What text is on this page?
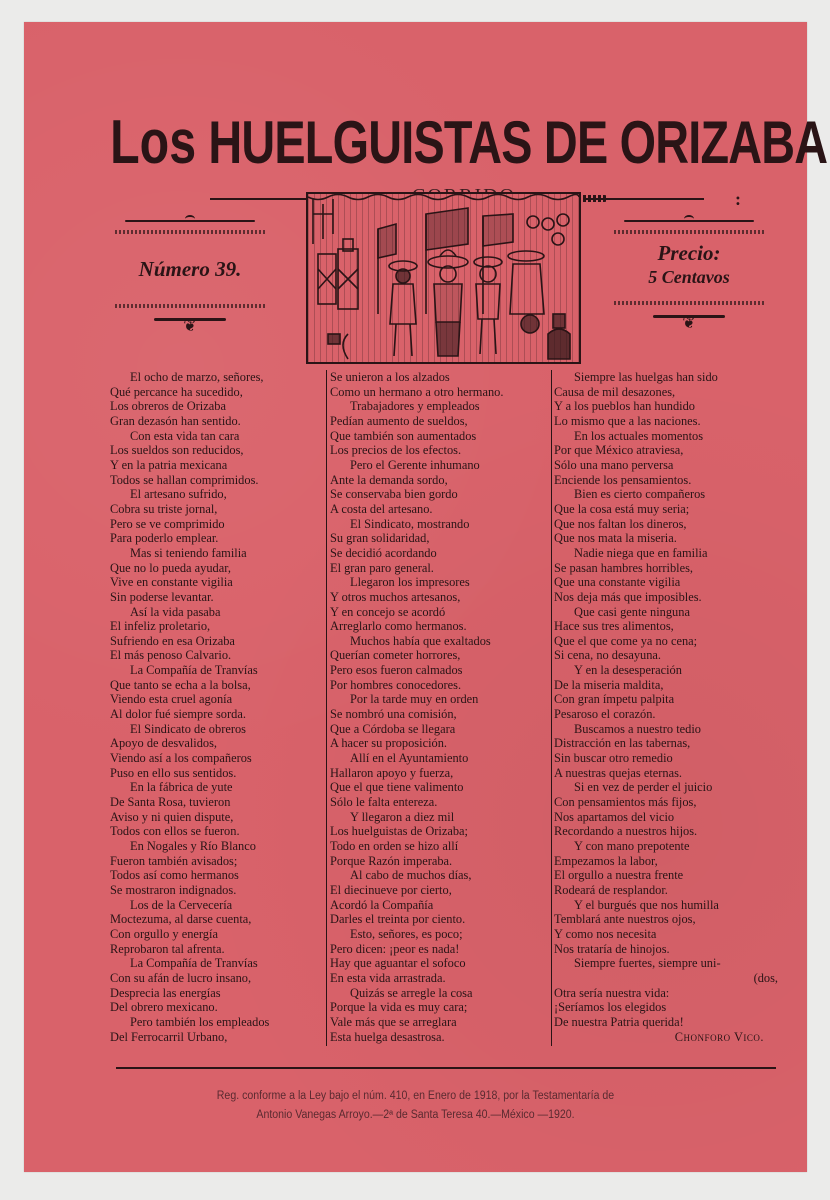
Los HUELGUISTAS DE ORIZABA
:
Número 39.
❦
Precio:
5 Centavos
❦
El ocho de marzo, señores,
Qué percance ha sucedido,
Los obreros de Orizaba
Gran dezasón han sentido.
Con esta vida tan cara
Los sueldos son reducidos,
Y en la patria mexicana
Todos se hallan comprimidos.
El artesano sufrido,
Cobra su triste jornal,
Pero se ve comprimido
Para poderlo emplear.
Mas si teniendo familia
Que no lo pueda ayudar,
Vive en constante vigilia
Sin poderse levantar.
Así la vida pasaba
El infeliz proletario,
Sufriendo en esa Orizaba
El más penoso Calvario.
La Compañía de Tranvías
Que tanto se echa a la bolsa,
Viendo esta cruel agonía
Al dolor fué siempre sorda.
El Sindicato de obreros
Apoyo de desvalidos,
Viendo así a los compañeros
Puso en ello sus sentidos.
En la fábrica de yute
De Santa Rosa, tuvieron
Aviso y ni quien dispute,
Todos con ellos se fueron.
En Nogales y Río Blanco
Fueron también avisados;
Todos así como hermanos
Se mostraron indignados.
Los de la Cervecería
Moctezuma, al darse cuenta,
Con orgullo y energía
Reprobaron tal afrenta.
La Compañía de Tranvías
Con su afán de lucro insano,
Desprecia las energías
Del obrero mexicano.
Pero también los empleados
Del Ferrocarril Urbano,
Se unieron a los alzados
Como un hermano a otro hermano.
Trabajadores y empleados
Pedían aumento de sueldos,
Que también son aumentados
Los precios de los efectos.
Pero el Gerente inhumano
Ante la demanda sordo,
Se conservaba bien gordo
A costa del artesano.
El Sindicato, mostrando
Su gran solidaridad,
Se decidió acordando
El gran paro general.
Llegaron los impresores
Y otros muchos artesanos,
Y en concejo se acordó
Arreglarlo como hermanos.
Muchos había que exaltados
Querían cometer horrores,
Pero esos fueron calmados
Por hombres conocedores.
Por la tarde muy en orden
Se nombró una comisión,
Que a Córdoba se llegara
A hacer su proposición.
Allí en el Ayuntamiento
Hallaron apoyo y fuerza,
Que el que tiene valimento
Sólo le falta entereza.
Y llegaron a diez mil
Los huelguistas de Orizaba;
Todo en orden se hizo allí
Porque Razón imperaba.
Al cabo de muchos días,
El diecinueve por cierto,
Acordó la Compañía
Darles el treinta por ciento.
Esto, señores, es poco;
Pero dicen: ¡peor es nada!
Hay que aguantar el sofoco
En esta vida arrastrada.
Quizás se arregle la cosa
Porque la vida es muy cara;
Vale más que se arreglara
Esta huelga desastrosa.
Siempre las huelgas han sido
Causa de mil desazones,
Y a los pueblos han hundido
Lo mismo que a las naciones.
En los actuales momentos
Por que México atraviesa,
Sólo una mano perversa
Enciende los pensamientos.
Bien es cierto compañeros
Que la cosa está muy seria;
Que nos faltan los dineros,
Que nos mata la miseria.
Nadie niega que en familia
Se pasan hambres horribles,
Que una constante vigilia
Nos deja más que imposibles.
Que casi gente ninguna
Hace sus tres alimentos,
Que el que come ya no cena;
Si cena, no desayuna.
Y en la desesperación
De la miseria maldita,
Con gran ímpetu palpita
Pesaroso el corazón.
Buscamos a nuestro tedio
Distracción en las tabernas,
Sin buscar otro remedio
A nuestras quejas eternas.
Si en vez de perder el juicio
Con pensamientos más fijos,
Nos apartamos del vicio
Recordando a nuestros hijos.
Y con mano prepotente
Empezamos la labor,
El orgullo a nuestra frente
Rodeará de resplandor.
Y el burgués que nos humilla
Temblará ante nuestros ojos,
Y como nos necesita
Nos trataría de hinojos.
Siempre fuertes, siempre uni-
(dos,
Otra sería nuestra vida:
¡Seríamos los elegidos
De nuestra Patria querida!
Chonforo Vico.
Reg. conforme a la Ley bajo el núm. 410, en Enero de 1918, por la Testamentaría de
Antonio Vanegas Arroyo.—2ª de Santa Teresa 40.—México —1920.
